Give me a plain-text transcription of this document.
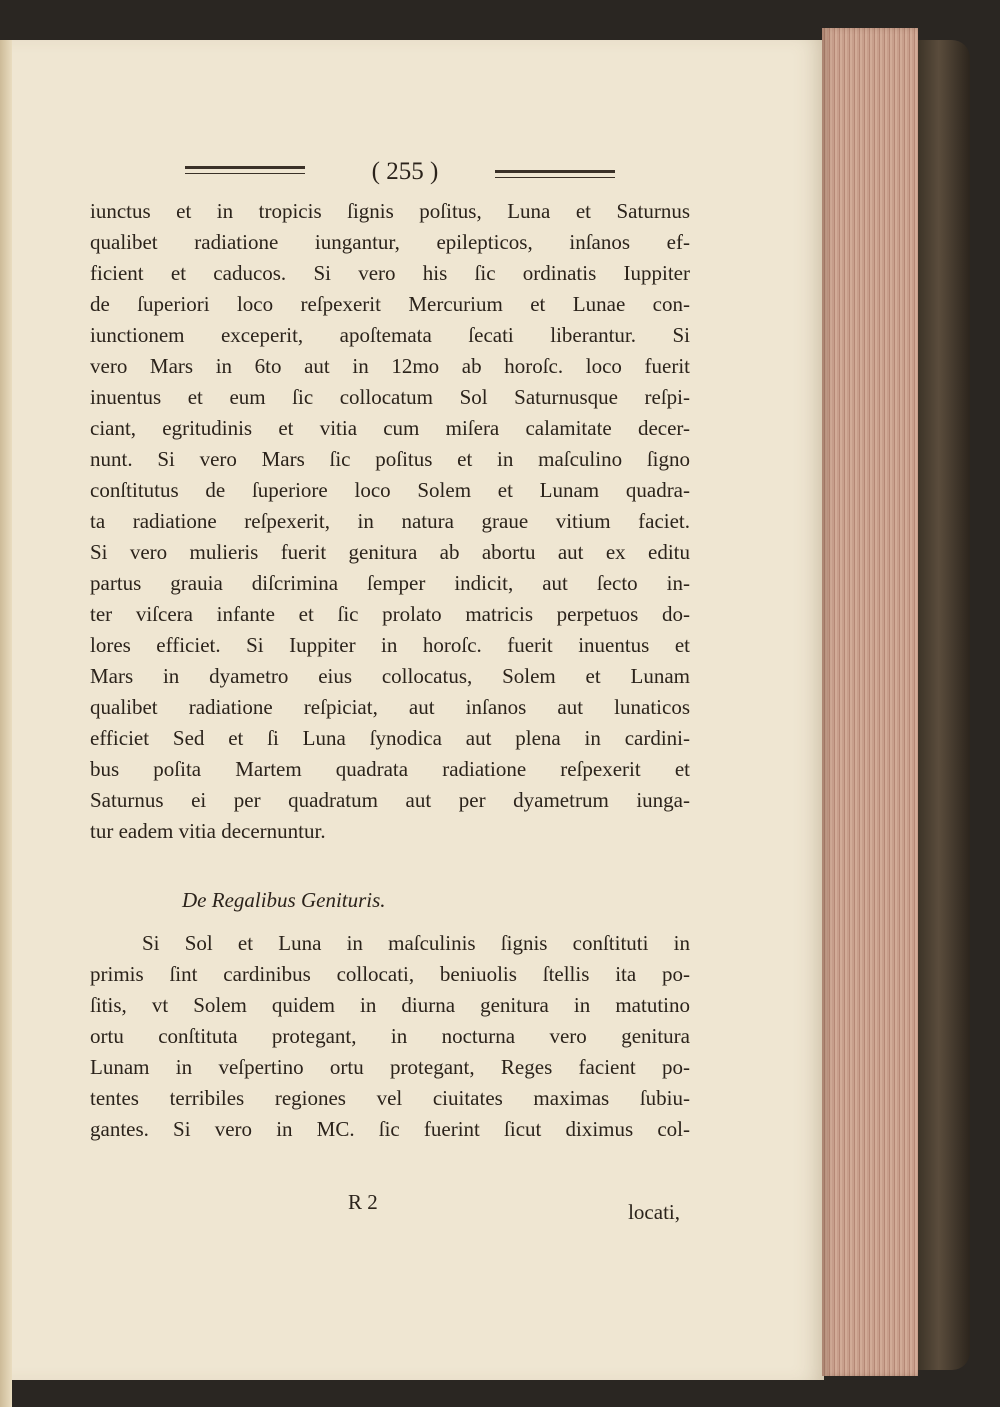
( 255 )
iunctus et in tropicis ſignis poſitus, Luna et Saturnus
qualibet radiatione iungantur, epilepticos, inſanos ef-
ficient et caducos. Si vero his ſic ordinatis Iuppiter
de ſuperiori loco reſpexerit Mercurium et Lunae con-
iunctionem exceperit, apoſtemata ſecati liberantur. Si
vero Mars in 6to aut in 12mo ab horoſc. loco fuerit
inuentus et eum ſic collocatum Sol Saturnusque reſpi-
ciant, egritudinis et vitia cum miſera calamitate decer-
nunt. Si vero Mars ſic poſitus et in maſculino ſigno
conſtitutus de ſuperiore loco Solem et Lunam quadra-
ta radiatione reſpexerit, in natura graue vitium faciet.
Si vero mulieris fuerit genitura ab abortu aut ex editu
partus grauia diſcrimina ſemper indicit, aut ſecto in-
ter viſcera infante et ſic prolato matricis perpetuos do-
lores efficiet. Si Iuppiter in horoſc. fuerit inuentus et
Mars in dyametro eius collocatus, Solem et Lunam
qualibet radiatione reſpiciat, aut inſanos aut lunaticos
efficiet Sed et ſi Luna ſynodica aut plena in cardini-
bus poſita Martem quadrata radiatione reſpexerit et
Saturnus ei per quadratum aut per dyametrum iunga-
tur eadem vitia decernuntur.
De Regalibus Genituris.
Si Sol et Luna in maſculinis ſignis conſtituti in
primis ſint cardinibus collocati, beniuolis ſtellis ita po-
ſitis, vt Solem quidem in diurna genitura in matutino
ortu conſtituta protegant, in nocturna vero genitura
Lunam in veſpertino ortu protegant, Reges facient po-
tentes terribiles regiones vel ciuitates maximas ſubiu-
gantes. Si vero in MC. ſic fuerint ſicut diximus col-
R 2	locati,
